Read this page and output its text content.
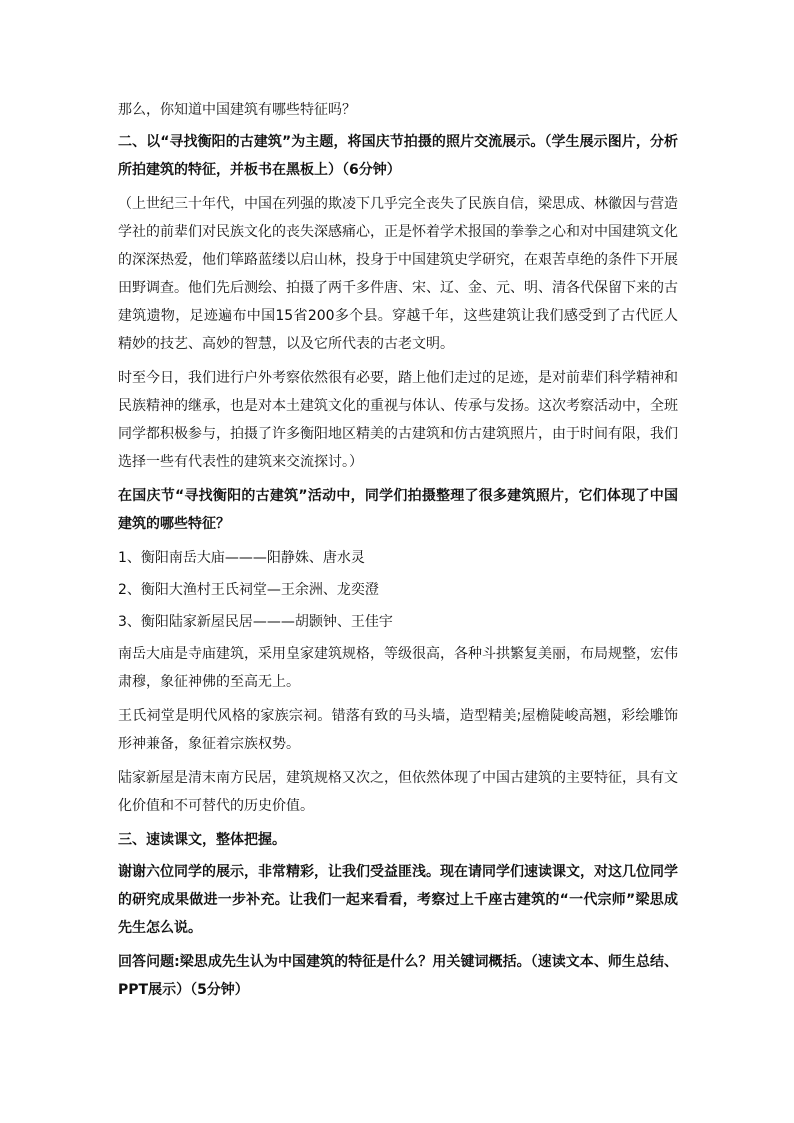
那么，你知道中国建筑有哪些特征吗？

二、以“寻找衡阳的古建筑”为主题，将国庆节拍摄的照片交流展示。（学生展示图片，分析所拍建筑的特征，并板书在黑板上）（6分钟）

（上世纪三十年代，中国在列强的欺凌下几乎完全丧失了民族自信，梁思成、林徽因与营造学社的前辈们对民族文化的丧失深感痛心，正是怀着学术报国的拳拳之心和对中国建筑文化的深深热爱，他们筚路蓝缕以启山林，投身于中国建筑史学研究，在艰苦卓绝的条件下开展田野调查。他们先后测绘、拍摄了两千多件唐、宋、辽、金、元、明、清各代保留下来的古建筑遗物，足迹遍布中国15省200多个县。穿越千年，这些建筑让我们感受到了古代匠人精妙的技艺、高妙的智慧，以及它所代表的古老文明。

时至今日，我们进行户外考察依然很有必要，踏上他们走过的足迹，是对前辈们科学精神和民族精神的继承，也是对本土建筑文化的重视与体认、传承与发扬。这次考察活动中，全班同学都积极参与，拍摄了许多衡阳地区精美的古建筑和仿古建筑照片，由于时间有限，我们选择一些有代表性的建筑来交流探讨。）

在国庆节“寻找衡阳的古建筑”活动中，同学们拍摄整理了很多建筑照片，它们体现了中国建筑的哪些特征？

1、衡阳南岳大庙———阳静姝、唐水灵

2、衡阳大渔村王氏祠堂—王余洲、龙奕澄

3、衡阳陆家新屋民居———胡颢钟、王佳宇

南岳大庙是寺庙建筑，采用皇家建筑规格，等级很高，各种斗拱繁复美丽，布局规整，宏伟肃穆，象征神佛的至高无上。

王氏祠堂是明代风格的家族宗祠。错落有致的马头墙，造型精美;屋檐陡峻高翘，彩绘雕饰形神兼备，象征着宗族权势。

陆家新屋是清末南方民居，建筑规格又次之，但依然体现了中国古建筑的主要特征，具有文化价值和不可替代的历史价值。

三、速读课文，整体把握。

谢谢六位同学的展示，非常精彩，让我们受益匪浅。现在请同学们速读课文，对这几位同学的研究成果做进一步补充。让我们一起来看看，考察过上千座古建筑的“一代宗师”梁思成先生怎么说。

回答问题:梁思成先生认为中国建筑的特征是什么？用关键词概括。（速读文本、师生总结、PPT展示）（5分钟）
